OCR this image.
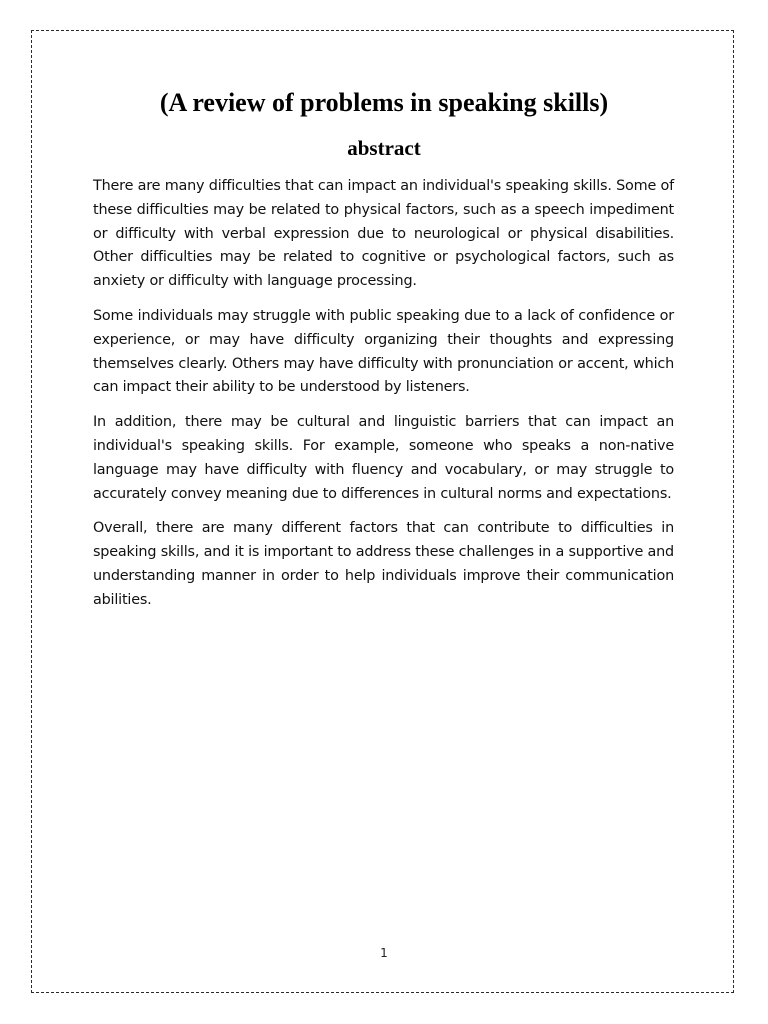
(A review of problems in speaking skills)
abstract

There are many difficulties that can impact an individual's speaking skills. Some of these difficulties may be related to physical factors, such as a speech impediment or difficulty with verbal expression due to neurological or physical disabilities. Other difficulties may be related to cognitive or psychological factors, such as anxiety or difficulty with language processing.

Some individuals may struggle with public speaking due to a lack of confidence or experience, or may have difficulty organizing their thoughts and expressing themselves clearly. Others may have difficulty with pronunciation or accent, which can impact their ability to be understood by listeners.

In addition, there may be cultural and linguistic barriers that can impact an individual's speaking skills. For example, someone who speaks a non-native language may have difficulty with fluency and vocabulary, or may struggle to accurately convey meaning due to differences in cultural norms and expectations.

Overall, there are many different factors that can contribute to difficulties in speaking skills, and it is important to address these challenges in a supportive and understanding manner in order to help individuals improve their communication abilities.

1
